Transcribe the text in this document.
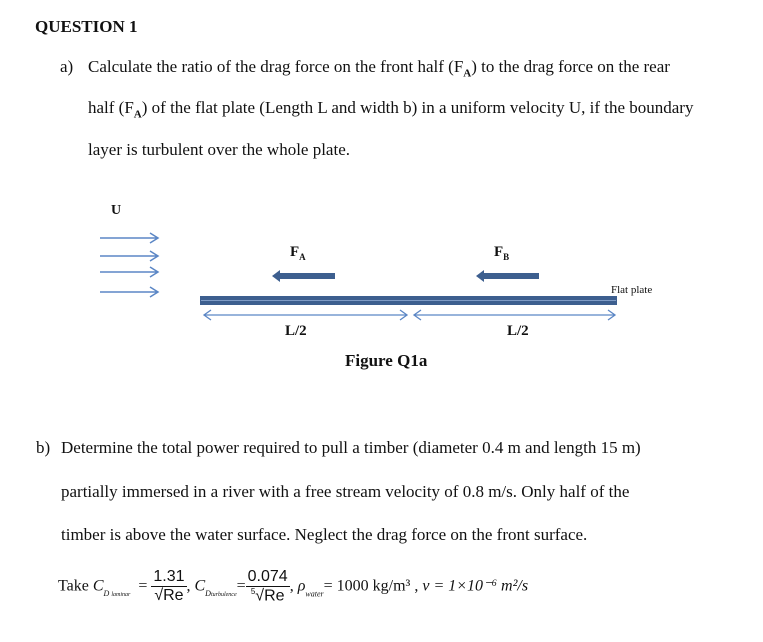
QUESTION 1
a) Calculate the ratio of the drag force on the front half $(F_A)$ to the drag force on the rear
half $(F_A)$ of the flat plate (Length L and width b) in a uniform velocity U, if the boundary
layer is turbulent over the whole plate.
U
$F_A$	$F_B$
Flat plate
L/2	L/2
Figure Q1a
b) Determine the total power required to pull a timber (diameter 0.4 m and length 15 m)
partially immersed in a river with a free stream velocity of 0.8 m/s. Only half of the
timber is above the water surface. Neglect the drag force on the front surface.
Take $C_{D laminar} = \frac{1.31}{√Re}$ , $C_{Dturbulence}= \frac{0.074}{^5√Re}$ , $\rho_{water}= 1000$ kg/m³ , ν = 1×10⁻⁶ m²/s
